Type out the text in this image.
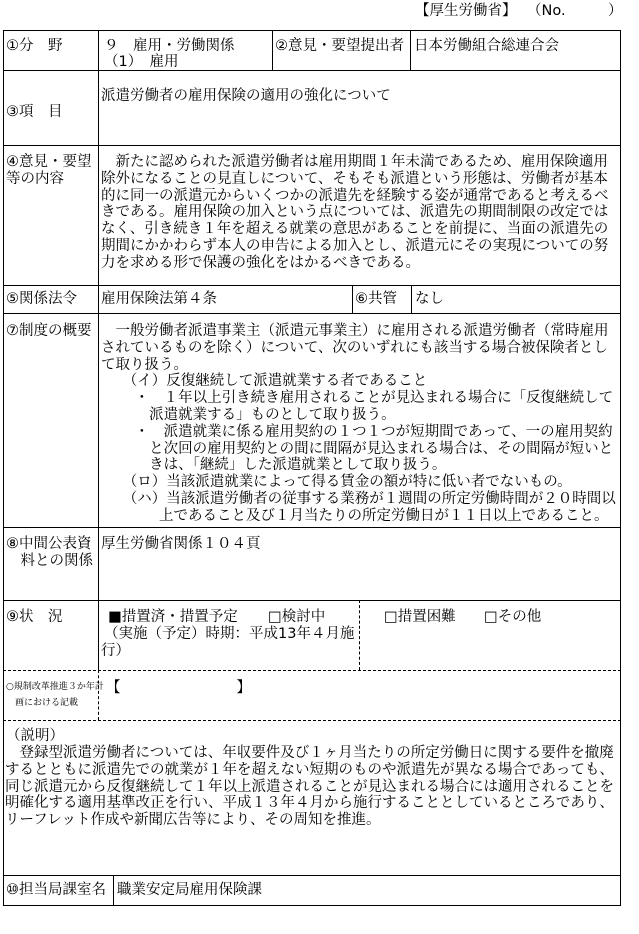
【厚生労働省】 （No.	）
①分　野	９　雇用・労働関係
（1）　雇用
②意見・要望提出者 日本労働組合総連合会
③項　目
派遣労働者の雇用保険の適用の強化について
④意見・要望
等の内容
　新たに認められた派遣労働者は雇用期間１年未満であるため、雇用保険適用
除外になることの見直しについて、そもそも派遣という形態は、労働者が基本
的に同一の派遣元からいくつかの派遣先を経験する姿が通常であると考えるべ
きである。雇用保険の加入という点については、派遣先の期間制限の改定では
なく、引き続き１年を超える就業の意思があることを前提に、当面の派遣先の
期間にかかわらず本人の申告による加入とし、派遣元にその実現についての努
力を求める形で保護の強化をはかるべきである。
⑤関係法令 雇用保険法第４条	⑥共管 なし
⑦制度の概要 　一般労働者派遣事業主（派遣元事業主）に雇用される派遣労働者（常時雇用
されているものを除く）について、次のいずれにも該当する場合被保険者とし
て取り扱う。
　　（イ）反復継続して派遣就業する者であること
　　 ・　１年以上引き続き雇用されることが見込まれる場合に「反復継続して
　　　 派遣就業する」ものとして取り扱う。
　　 ・　派遣就業に係る雇用契約の１つ１つが短期間であって、一の雇用契約
　　　 と次回の雇用契約との間に間隔が見込まれる場合は、その間隔が短いと
　　　 きは、「継続」した派遣就業として取り扱う。
　　（ロ）当該派遣就業によって得る賃金の額が特に低い者でないもの。
　　（ハ）当該派遣労働者の従事する業務が１週間の所定労働時間が２０時間以
　　　　上であること及び１月当たりの所定労働日が１１日以上であること。
⑧中間公表資
　料との関係
厚生労働省関係１０４頁
⑨状　況	■措置済・措置予定 □検討中
（実施（予定）時期：平成13年４月施
行）
□措置困難 □その他
○規制改革推進３か年計
　画における記載
【　　　　　　　　】
（説明）
　登録型派遣労働者については、年収要件及び１ヶ月当たりの所定労働日に関する要件を撤廃
するとともに派遣先での就業が１年を超えない短期のものや派遣先が異なる場合であっても、
同じ派遣元から反復継続して１年以上派遣されることが見込まれる場合には適用されることを
明確化する適用基準改正を行い、平成１３年４月から施行することとしているところであり、
リーフレット作成や新聞広告等により、その周知を推進。
⑩担当局課室名 職業安定局雇用保険課
